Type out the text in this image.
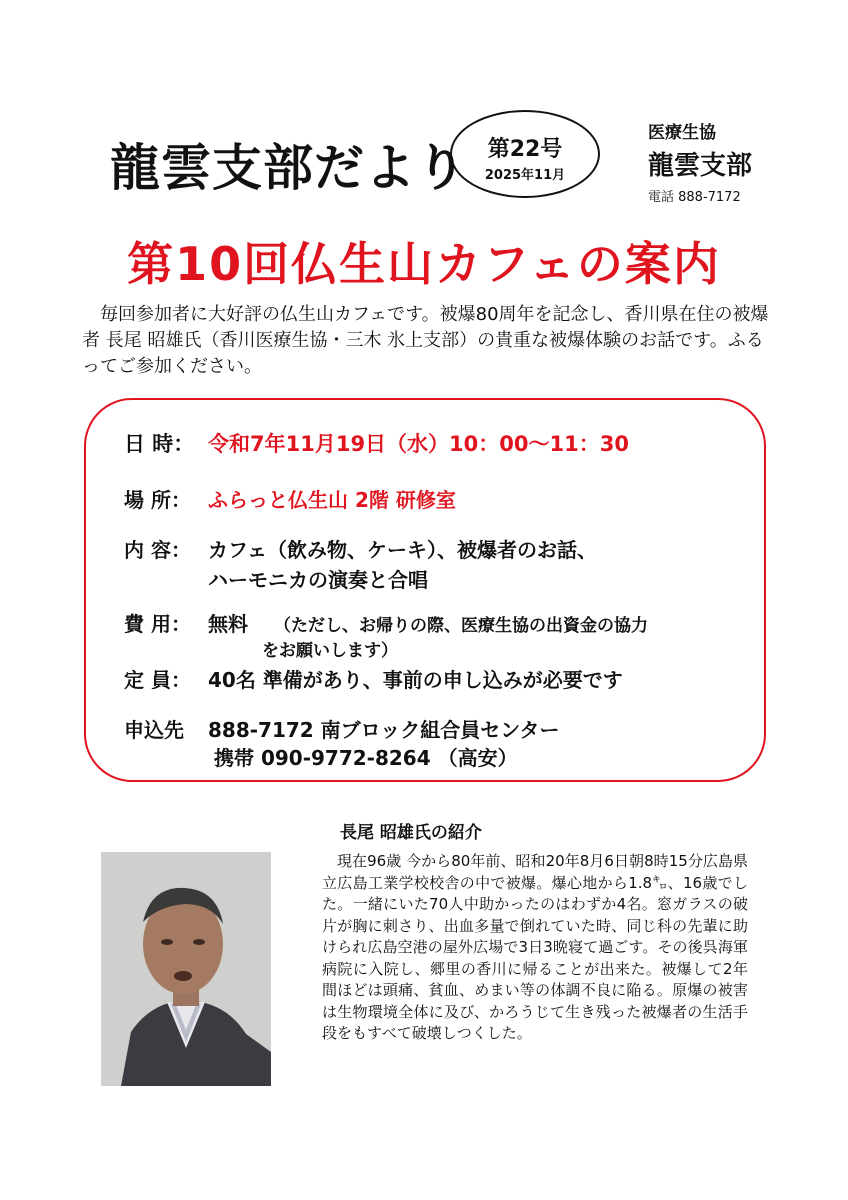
龍雲支部だより 第22号
2025年11月
医療生協
龍雲支部
電話 888-7172
第10回仏生山カフェの案内
毎回参加者に大好評の仏生山カフェです。被爆80周年を記念し、香川県在住の被爆者 長尾 昭雄氏（香川医療生協・三木 氷上支部）の貴重な被爆体験のお話です。ふるってご参加ください。
日 時： 令和7年11月19日（水）10：00〜11：30
場 所： ふらっと仏生山 2階 研修室
内 容： カフェ（飲み物、ケーキ）、被爆者のお話、
ハーモニカの演奏と合唱
費 用： 無料 （ただし、お帰りの際、医療生協の出資金の協力
をお願いします）
定 員： 40名 準備があり、事前の申し込みが必要です
申込先 888-7172 南ブロック組合員センター
携帯 090-9772-8264 （高安）
長尾 昭雄氏の紹介
現在96歳 今から80年前、昭和20年8月6日朝8時15分広島県立広島工業学校校舎の中で被爆。爆心地から1.8㌔、16歳でした。一緒にいた70人中助かったのはわずか4名。窓ガラスの破片が胸に刺さり、出血多量で倒れていた時、同じ科の先輩に助けられ広島空港の屋外広場で3日3晩寝て過ごす。その後呉海軍病院に入院し、郷里の香川に帰ることが出来た。被爆して2年間ほどは頭痛、貧血、めまい等の体調不良に陥る。原爆の被害は生物環境全体に及び、かろうじて生き残った被爆者の生活手段をもすべて破壊しつくした。
